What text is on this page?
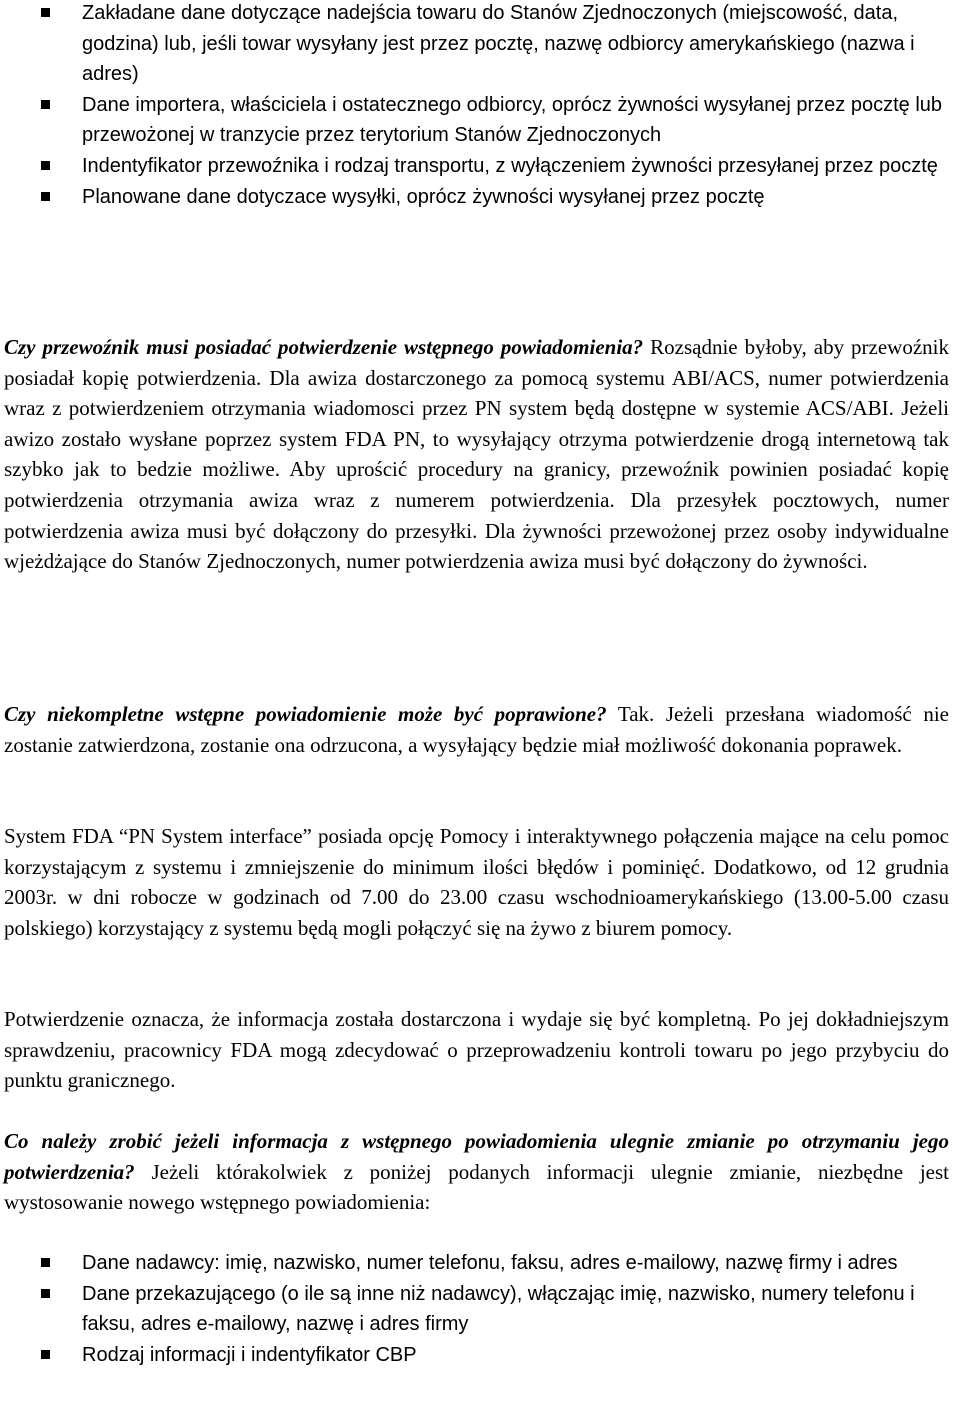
Zakładane dane dotyczące nadejścia towaru do Stanów Zjednoczonych (miejscowość, data, godzina) lub, jeśli towar wysyłany jest przez pocztę, nazwę odbiorcy amerykańskiego (nazwa i adres)
Dane importera, właściciela i ostatecznego odbiorcy, oprócz żywności wysyłanej przez pocztę lub przewożonej w tranzycie przez terytorium Stanów Zjednoczonych
Indentyfikator przewoźnika i rodzaj transportu, z wyłączeniem żywności przesyłanej przez pocztę
Planowane dane dotyczace wysyłki, oprócz żywności wysyłanej przez pocztę

Czy przewoźnik musi posiadać potwierdzenie wstępnego powiadomienia? Rozsądnie byłoby, aby przewoźnik posiadał kopię potwierdzenia. Dla awiza dostarczonego za pomocą systemu ABI/ACS, numer potwierdzenia wraz z potwierdzeniem otrzymania wiadomosci przez PN system będą dostępne w systemie ACS/ABI. Jeżeli awizo zostało wysłane poprzez system FDA PN, to wysyłający otrzyma potwierdzenie drogą internetową tak szybko jak to bedzie możliwe. Aby uprościć procedury na granicy, przewoźnik powinien posiadać kopię potwierdzenia otrzymania awiza wraz z numerem potwierdzenia. Dla przesyłek pocztowych, numer potwierdzenia awiza musi być dołączony do przesyłki. Dla żywności przewożonej przez osoby indywidualne wjeżdżające do Stanów Zjednoczonych, numer potwierdzenia awiza musi być dołączony do żywności.

Czy niekompletne wstępne powiadomienie może być poprawione? Tak. Jeżeli przesłana wiadomość nie zostanie zatwierdzona, zostanie ona odrzucona, a wysyłający będzie miał możliwość dokonania poprawek.

System FDA “PN System interface” posiada opcję Pomocy i interaktywnego połączenia mające na celu pomoc korzystającym z systemu i zmniejszenie do minimum ilości błędów i pominięć. Dodatkowo, od 12 grudnia 2003r. w dni robocze w godzinach od 7.00 do 23.00 czasu wschodnioamerykańskiego (13.00-5.00 czasu polskiego) korzystający z systemu będą mogli połączyć się na żywo z biurem pomocy.

Potwierdzenie oznacza, że informacja została dostarczona i wydaje się być kompletną. Po jej dokładniejszym sprawdzeniu, pracownicy FDA mogą zdecydować o przeprowadzeniu kontroli towaru po jego przybyciu do punktu granicznego.

Co należy zrobić jeżeli informacja z wstępnego powiadomienia ulegnie zmianie po otrzymaniu jego potwierdzenia? Jeżeli którakolwiek z poniżej podanych informacji ulegnie zmianie, niezbędne jest wystosowanie nowego wstępnego powiadomienia:

Dane nadawcy: imię, nazwisko, numer telefonu, faksu, adres e-mailowy, nazwę firmy i adres
Dane przekazującego (o ile są inne niż nadawcy), włączając imię, nazwisko, numery telefonu i faksu, adres e-mailowy, nazwę i adres firmy
Rodzaj informacji i indentyfikator CBP
